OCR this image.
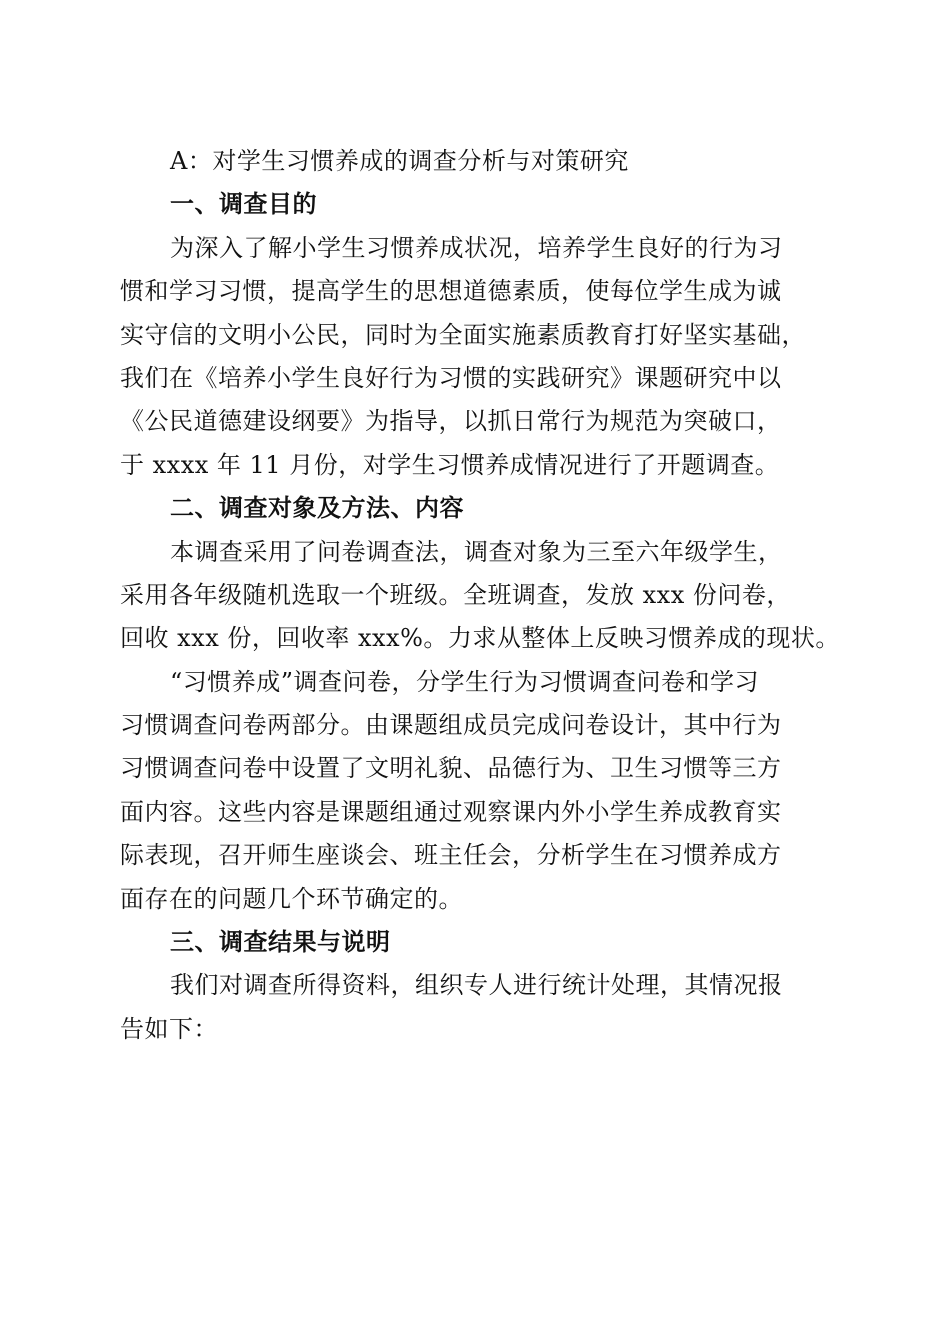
A：对学生习惯养成的调查分析与对策研究
一、调查目的
为深入了解小学生习惯养成状况，培养学生良好的行为习
惯和学习习惯，提高学生的思想道德素质，使每位学生成为诚
实守信的文明小公民，同时为全面实施素质教育打好坚实基础，
我们在《培养小学生良好行为习惯的实践研究》课题研究中以
《公民道德建设纲要》为指导，以抓日常行为规范为突破口，
于 xxxx 年 11 月份，对学生习惯养成情况进行了开题调查。
二、调查对象及方法、内容
本调查采用了问卷调查法，调查对象为三至六年级学生，
采用各年级随机选取一个班级。全班调查，发放 xxx 份问卷，
回收 xxx 份，回收率 xxx%。力求从整体上反映习惯养成的现状。
“习惯养成”调查问卷，分学生行为习惯调查问卷和学习
习惯调查问卷两部分。由课题组成员完成问卷设计，其中行为
习惯调查问卷中设置了文明礼貌、品德行为、卫生习惯等三方
面内容。这些内容是课题组通过观察课内外小学生养成教育实
际表现，召开师生座谈会、班主任会，分析学生在习惯养成方
面存在的问题几个环节确定的。
三、调查结果与说明
我们对调查所得资料，组织专人进行统计处理，其情况报
告如下：
